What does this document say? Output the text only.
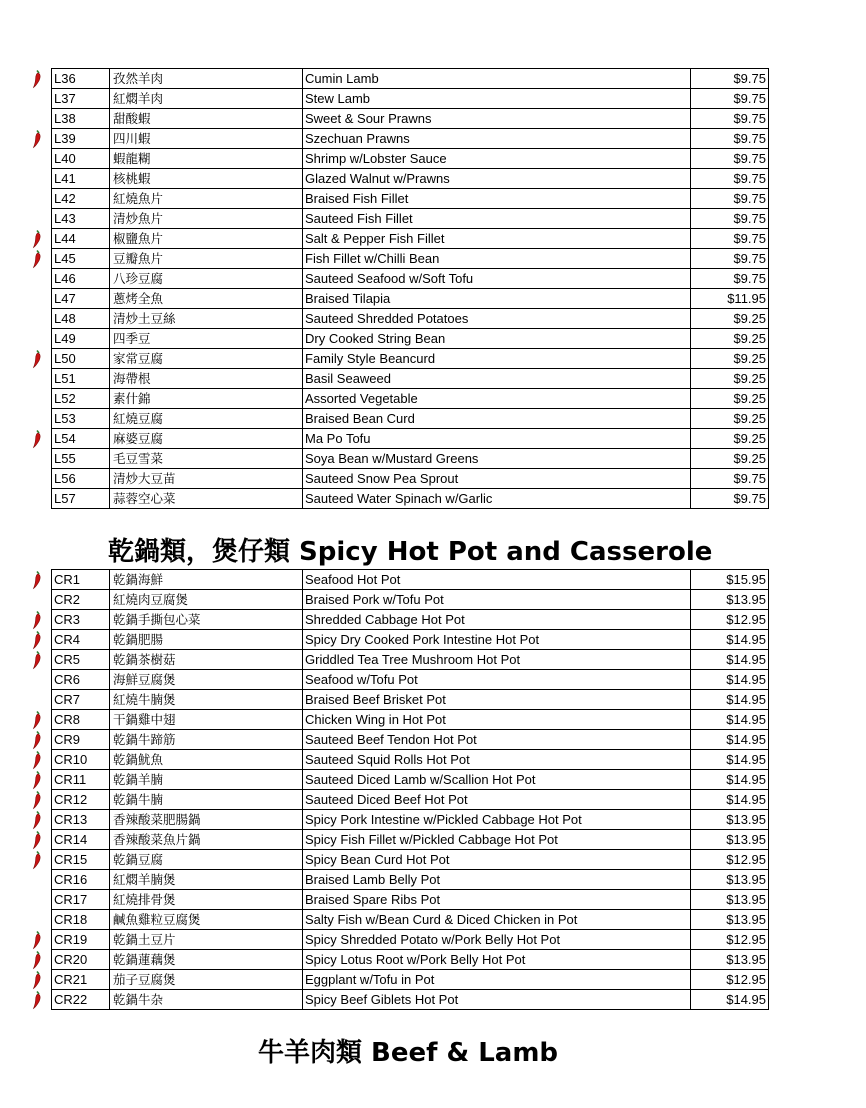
L36	孜然羊肉	Cumin Lamb	$9.75
L37	紅燜羊肉	Stew Lamb	$9.75
L38	甜酸蝦	Sweet & Sour Prawns	$9.75
L39	四川蝦	Szechuan Prawns	$9.75
L40	蝦龍糊	Shrimp w/Lobster Sauce	$9.75
L41	核桃蝦	Glazed Walnut w/Prawns	$9.75
L42	紅燒魚片	Braised Fish Fillet	$9.75
L43	清炒魚片	Sauteed Fish Fillet	$9.75
L44	椒鹽魚片	Salt & Pepper Fish Fillet	$9.75
L45	豆瓣魚片	Fish Fillet w/Chilli Bean	$9.75
L46	八珍豆腐	Sauteed Seafood w/Soft Tofu	$9.75
L47	蔥烤全魚	Braised Tilapia	$11.95
L48	清炒土豆絲	Sauteed Shredded Potatoes	$9.25
L49	四季豆	Dry Cooked String Bean	$9.25
L50	家常豆腐	Family Style Beancurd	$9.25
L51	海帶根	Basil Seaweed	$9.25
L52	素什錦	Assorted Vegetable	$9.25
L53	紅燒豆腐	Braised Bean Curd	$9.25
L54	麻婆豆腐	Ma Po Tofu	$9.25
L55	毛豆雪菜	Soya Bean w/Mustard Greens	$9.25
L56	清炒大豆苗	Sauteed Snow Pea Sprout	$9.75
L57	蒜蓉空心菜	Sauteed Water Spinach w/Garlic	$9.75
乾鍋類，煲仔類 Spicy Hot Pot and Casserole
CR1	乾鍋海鮮	Seafood Hot Pot	$15.95
CR2	紅燒肉豆腐煲	Braised Pork w/Tofu Pot	$13.95
CR3	乾鍋手撕包心菜	Shredded Cabbage Hot Pot	$12.95
CR4	乾鍋肥腸	Spicy Dry Cooked Pork Intestine Hot Pot	$14.95
CR5	乾鍋茶樹菇	Griddled Tea Tree Mushroom Hot Pot	$14.95
CR6	海鮮豆腐煲	Seafood w/Tofu Pot	$14.95
CR7	紅燒牛腩煲	Braised Beef Brisket Pot	$14.95
CR8	干鍋雞中翅	Chicken Wing in Hot Pot	$14.95
CR9	乾鍋牛蹄筋	Sauteed Beef Tendon Hot Pot	$14.95
CR10	乾鍋魷魚	Sauteed Squid Rolls Hot Pot	$14.95
CR11	乾鍋羊腩	Sauteed Diced Lamb w/Scallion Hot Pot	$14.95
CR12	乾鍋牛腩	Sauteed Diced Beef Hot Pot	$14.95
CR13	香辣酸菜肥腸鍋	Spicy Pork Intestine w/Pickled Cabbage Hot Pot	$13.95
CR14	香辣酸菜魚片鍋	Spicy Fish Fillet w/Pickled Cabbage Hot Pot	$13.95
CR15	乾鍋豆腐	Spicy Bean Curd Hot Pot	$12.95
CR16	紅燜羊腩煲	Braised Lamb Belly Pot	$13.95
CR17	紅燒排骨煲	Braised Spare Ribs Pot	$13.95
CR18	鹹魚雞粒豆腐煲	Salty Fish w/Bean Curd & Diced Chicken in Pot	$13.95
CR19	乾鍋土豆片	Spicy Shredded Potato w/Pork Belly Hot Pot	$12.95
CR20	乾鍋蓮藕煲	Spicy Lotus Root w/Pork Belly Hot Pot	$13.95
CR21	茄子豆腐煲	Eggplant w/Tofu in Pot	$12.95
CR22	乾鍋牛杂	Spicy Beef Giblets Hot Pot	$14.95
牛羊肉類 Beef & Lamb
